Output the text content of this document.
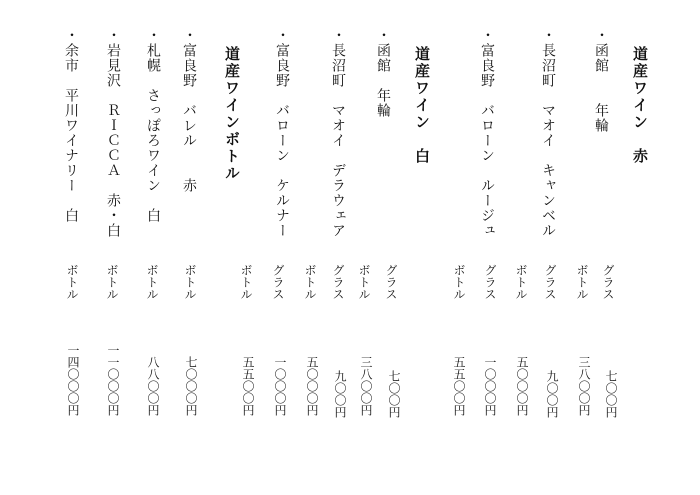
道産ワイン　赤
・函館　　年輪
グラス
ボトル
七〇〇円
三八〇〇円
・長沼町　マオイ　キャンベル
グラス
ボトル
九〇〇円
五〇〇〇円
・富良野　バローン　ルージュ
グラス
ボトル
一〇〇〇円
五五〇〇円
道産ワイン　白
・函館　年輪
グラス
ボトル
七〇〇円
三八〇〇円
・長沼町　マオイ　デラウェア
グラス
ボトル
九〇〇円
五〇〇〇円
・富良野　バローン　ケルナー
グラス
ボトル
一〇〇〇円
五五〇〇円
道産ワインボトル
・富良野　バレル　　赤
ボトル
七〇〇〇円
・札幌　さっぽろワイン　白
ボトル
八八〇〇円
・岩見沢　ＲＩＣＣＡ　赤・白
ボトル
一一〇〇〇円
・余市　平川ワイナリー　白
ボトル
一四〇〇〇円
